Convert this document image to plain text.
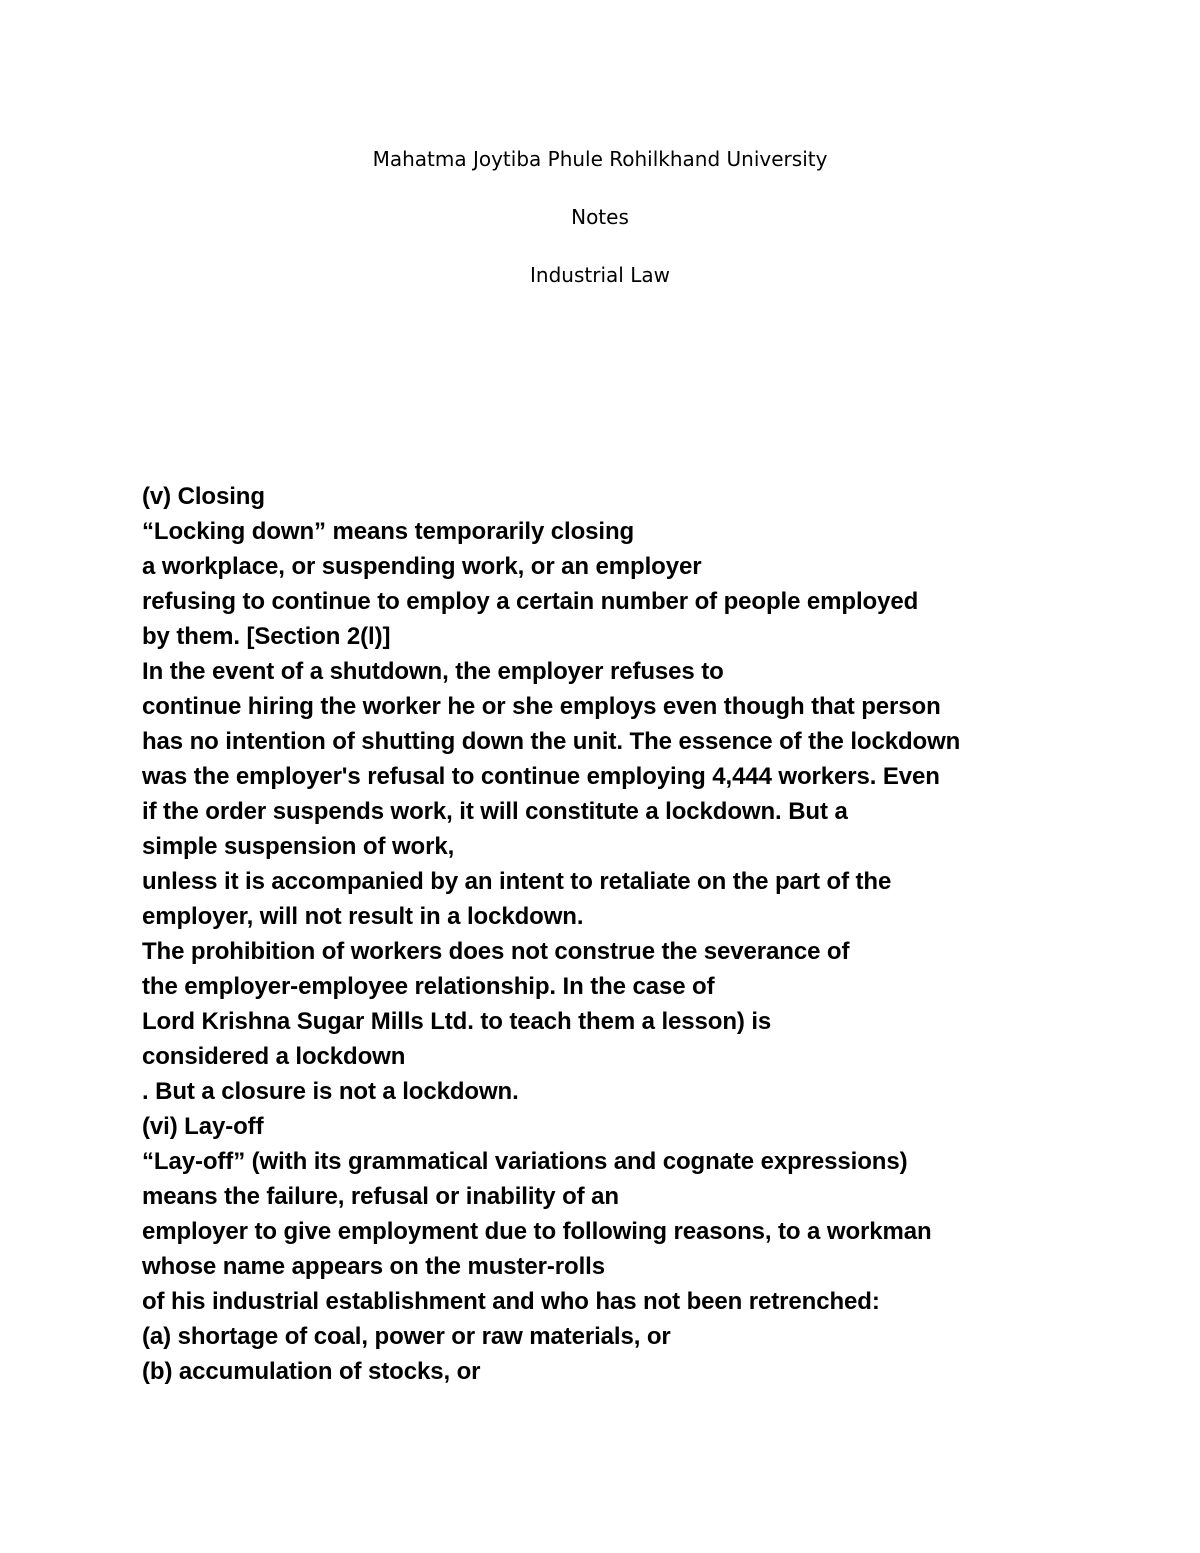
Mahatma Joytiba Phule Rohilkhand University
Notes
Industrial Law
(v) Closing
“Locking down” means temporarily closing
a workplace, or suspending work, or an employer
refusing to continue to employ a certain number of people employed
by them. [Section 2(l)]
In the event of a shutdown, the employer refuses to
continue hiring the worker he or she employs even though that person
has no intention of shutting down the unit. The essence of the lockdown
was the employer's refusal to continue employing 4,444 workers. Even
if the order suspends work, it will constitute a lockdown. But a
simple suspension of work,
unless it is accompanied by an intent to retaliate on the part of the
employer, will not result in a lockdown.
The prohibition of workers does not construe the severance of
the employer-employee relationship. In the case of
Lord Krishna Sugar Mills Ltd. to teach them a lesson) is
considered a lockdown
. But a closure is not a lockdown.
(vi) Lay-off
“Lay-off” (with its grammatical variations and cognate expressions)
means the failure, refusal or inability of an
employer to give employment due to following reasons, to a workman
whose name appears on the muster-rolls
of his industrial establishment and who has not been retrenched:
(a) shortage of coal, power or raw materials, or
(b) accumulation of stocks, or
